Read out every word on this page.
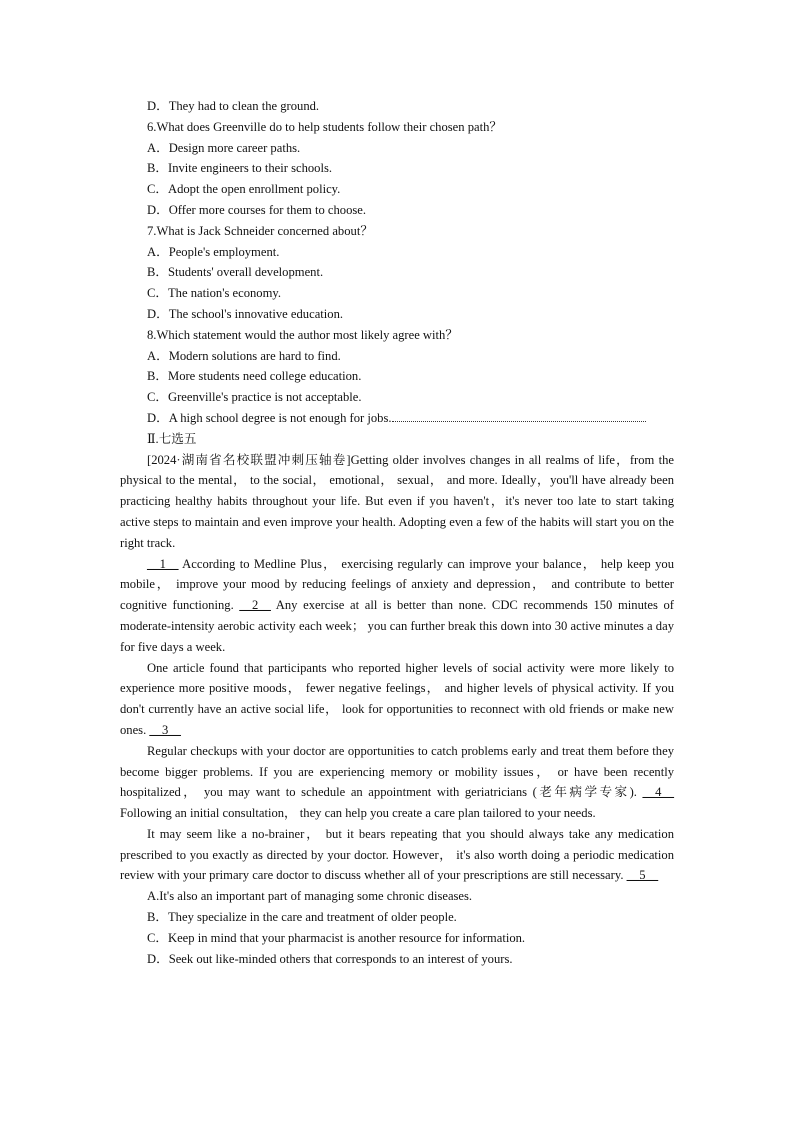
D．They had to clean the ground.
6.What does Greenville do to help students follow their chosen path？
A．Design more career paths.
B．Invite engineers to their schools.
C．Adopt the open enrollment policy.
D．Offer more courses for them to choose.
7.What is Jack Schneider concerned about？
A．People's employment.
B．Students' overall development.
C．The nation's economy.
D．The school's innovative education.
8.Which statement would the author most likely agree with？
A．Modern solutions are hard to find.
B．More students need college education.
C．Greenville's practice is not acceptable.
D．A high school degree is not enough for jobs.
Ⅱ.七选五

[2024·湖南省名校联盟冲刺压轴卷]Getting older involves changes in all realms of life，from the physical to the mental， to the social， emotional， sexual， and more. Ideally，you'll have already been practicing healthy habits throughout your life. But even if you haven't，it's never too late to start taking active steps to maintain and even improve your health. Adopting even a few of the habits will start you on the right track.

__1__ According to Medline Plus， exercising regularly can improve your balance， help keep you mobile， improve your mood by reducing feelings of anxiety and depression， and contribute to better cognitive functioning. __2__ Any exercise at all is better than none. CDC recommends 150 minutes of moderate-intensity aerobic activity each week； you can further break this down into 30 active minutes a day for five days a week.

One article found that participants who reported higher levels of social activity were more likely to experience more positive moods， fewer negative feelings， and higher levels of physical activity. If you don't currently have an active social life， look for opportunities to reconnect with old friends or make new ones. __3__

Regular checkups with your doctor are opportunities to catch problems early and treat them before they become bigger problems. If you are experiencing memory or mobility issues， or have been recently hospitalized， you may want to schedule an appointment with geriatricians (老年病学专家). __4__ Following an initial consultation， they can help you create a care plan tailored to your needs.

It may seem like a no-brainer， but it bears repeating that you should always take any medication prescribed to you exactly as directed by your doctor. However， it's also worth doing a periodic medication review with your primary care doctor to discuss whether all of your prescriptions are still necessary. __5__

A.It's also an important part of managing some chronic diseases.
B．They specialize in the care and treatment of older people.
C．Keep in mind that your pharmacist is another resource for information.
D．Seek out like-minded others that corresponds to an interest of yours.
